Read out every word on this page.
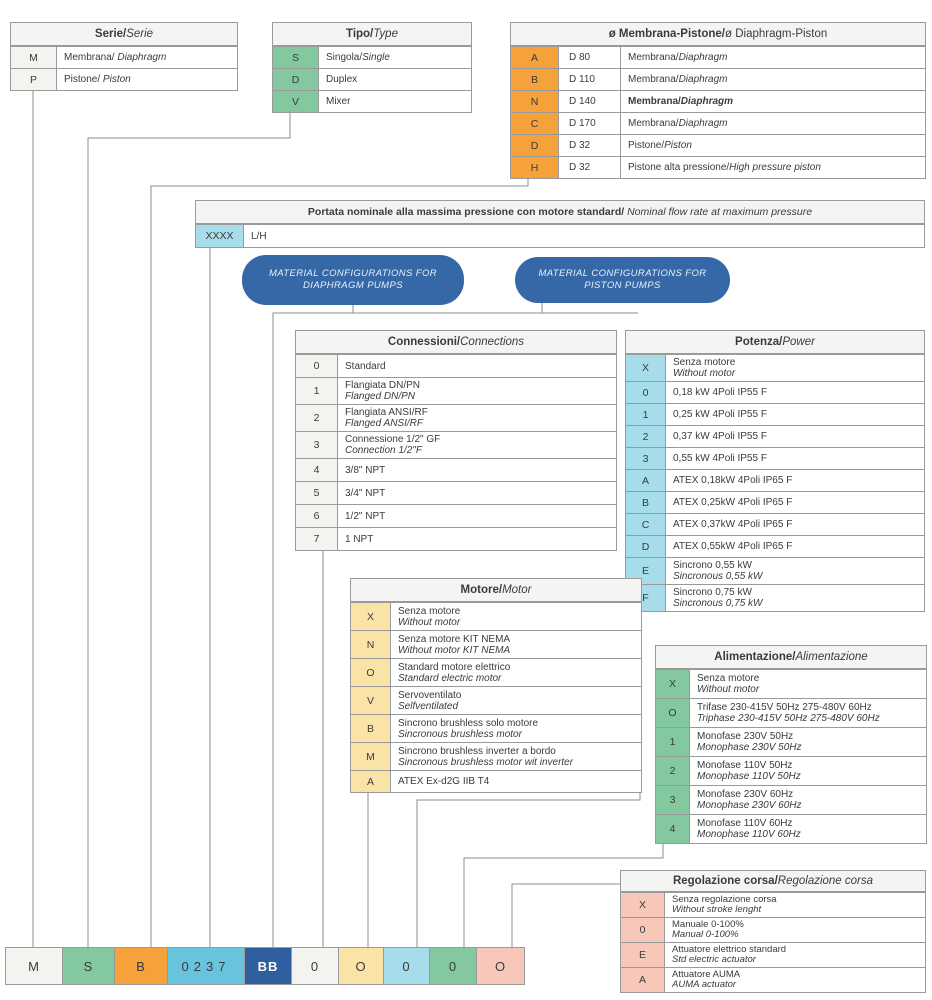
Serie/ Serie
M	Membrana/ Diaphragm
P	Pistone/ Piston
Tipo/ Type
S	Singola/Single
D	Duplex
V	Mixer
ø Membrana-Pistone/ ø Diaphragm-Piston
A	D 80	Membrana/Diaphragm
B	D 110	Membrana/Diaphragm
N	D 140	Membrana/Diaphragm
C	D 170	Membrana/Diaphragm
D	D 32	Pistone/Piston
H	D 32	Pistone alta pressione/High pressure piston
Portata nominale alla massima pressione con motore standard/ Nominal flow rate at maximum pressure
XXXX	L/H
MATERIAL CONFIGURATIONS FOR DIAPHRAGM PUMPS
MATERIAL CONFIGURATIONS FOR PISTON PUMPS
Connessioni/ Connections
0	Standard
1	Flangiata DN/PN
Flanged DN/PN
2	Flangiata ANSI/RF
Flanged ANSI/RF
3	Connessione 1/2" GF
Connection 1/2"F
4	3/8" NPT
5	3/4" NPT
6	1/2" NPT
7	1 NPT
Potenza/ Power
X	Senza motore
Without motor
0	0,18 kW 4Poli IP55 F
1	0,25 kW 4Poli IP55 F
2	0,37 kW 4Poli IP55 F
3	0,55 kW 4Poli IP55 F
A	ATEX 0,18kW 4Poli IP65 F
B	ATEX 0,25kW 4Poli IP65 F
C	ATEX 0,37kW 4Poli IP65 F
D	ATEX 0,55kW 4Poli IP65 F
E	Sincrono 0,55 kW
Sincronous 0,55 kW
F	Sincrono 0,75 kW
Sincronous 0,75 kW
Motore/ Motor
X	Senza motore
Without motor
N	Senza motore KIT NEMA
Without motor KIT NEMA
O	Standard motore elettrico
Standard electric motor
V	Servoventilato
Selfventilated
B	Sincrono brushless solo motore
Sincronous brushless motor
M	Sincrono brushless inverter a bordo
Sincronous brushless motor wit inverter
A	ATEX Ex-d2G IIB T4
Alimentazione/ Alimentazione
X	Senza motore
Without motor
O	Trifase 230-415V 50Hz 275-480V 60Hz
Triphase 230-415V 50Hz 275-480V 60Hz
1	Monofase 230V 50Hz
Monophase 230V 50Hz
2	Monofase 110V 50Hz
Monophase 110V 50Hz
3	Monofase 230V 60Hz
Monophase 230V 60Hz
4	Monofase 110V 60Hz
Monophase 110V 60Hz
Regolazione corsa/ Regolazione corsa
X	Senza regolazione corsa
Without stroke lenght
0	Manuale 0-100%
Manual 0-100%
E	Attuatore elettrico standard
Std electric actuator
A	Attuatore AUMA
AUMA actuator
M	S	B	0237	BB	0	O	0	0	O
